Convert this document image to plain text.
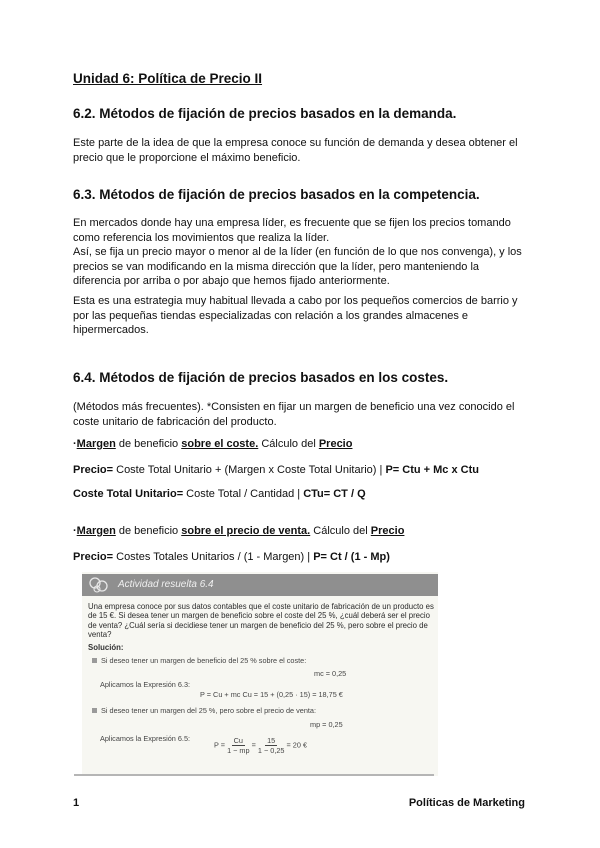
Unidad 6: Política de Precio II
6.2. Métodos de fijación de precios basados en la demanda.

Este parte de la idea de que la empresa conoce su función de demanda y desea obtener el precio que le proporcione el máximo beneficio.

6.3. Métodos de fijación de precios basados en la competencia.

En mercados donde hay una empresa líder, es frecuente que se fijen los precios tomando como referencia los movimientos que realiza la líder.

Así, se fija un precio mayor o menor al de la líder (en función de lo que nos convenga), y los precios se van modificando en la misma dirección que la líder, pero manteniendo la diferencia por arriba o por abajo que hemos fijado anteriormente.

Esta es una estrategia muy habitual llevada a cabo por los pequeños comercios de barrio y por las pequeñas tiendas especializadas con relación a los grandes almacenes e hipermercados.

6.4. Métodos de fijación de precios basados en los costes.

(Métodos más frecuentes). *Consisten en fijar un margen de beneficio una vez conocido el coste unitario de fabricación del producto.

·Margen de beneficio sobre el coste. Cálculo del Precio

Precio= Coste Total Unitario + (Margen x Coste Total Unitario) | P= Ctu + Mc x Ctu

Coste Total Unitario= Coste Total / Cantidad | CTu= CT / Q

·Margen de beneficio sobre el precio de venta. Cálculo del Precio

Precio= Costes Totales Unitarios / (1 - Margen) | P= Ct / (1 - Mp)

Actividad resuelta 6.4
Una empresa conoce por sus datos contables que el coste unitario de fabricación de un producto es de 15 €. Si desea tener un margen de beneficio sobre el coste del 25 %, ¿cuál deberá ser el precio de venta? ¿Cuál sería si decidiese tener un margen de beneficio del 25 %, pero sobre el precio de venta?
Solución:
Si deseo tener un margen de beneficio del 25 % sobre el coste:
mc = 0,25
Aplicamos la Expresión 6.3:
P = Cu + mc Cu = 15 + (0,25 · 15) = 18,75 €
Si deseo tener un margen del 25 %, pero sobre el precio de venta:
mp = 0,25
Aplicamos la Expresión 6.5:
$P = \frac{Cu}{1 - mp} = \frac{15}{1 - 0,25} = 20$ €
1	Políticas de Marketing
